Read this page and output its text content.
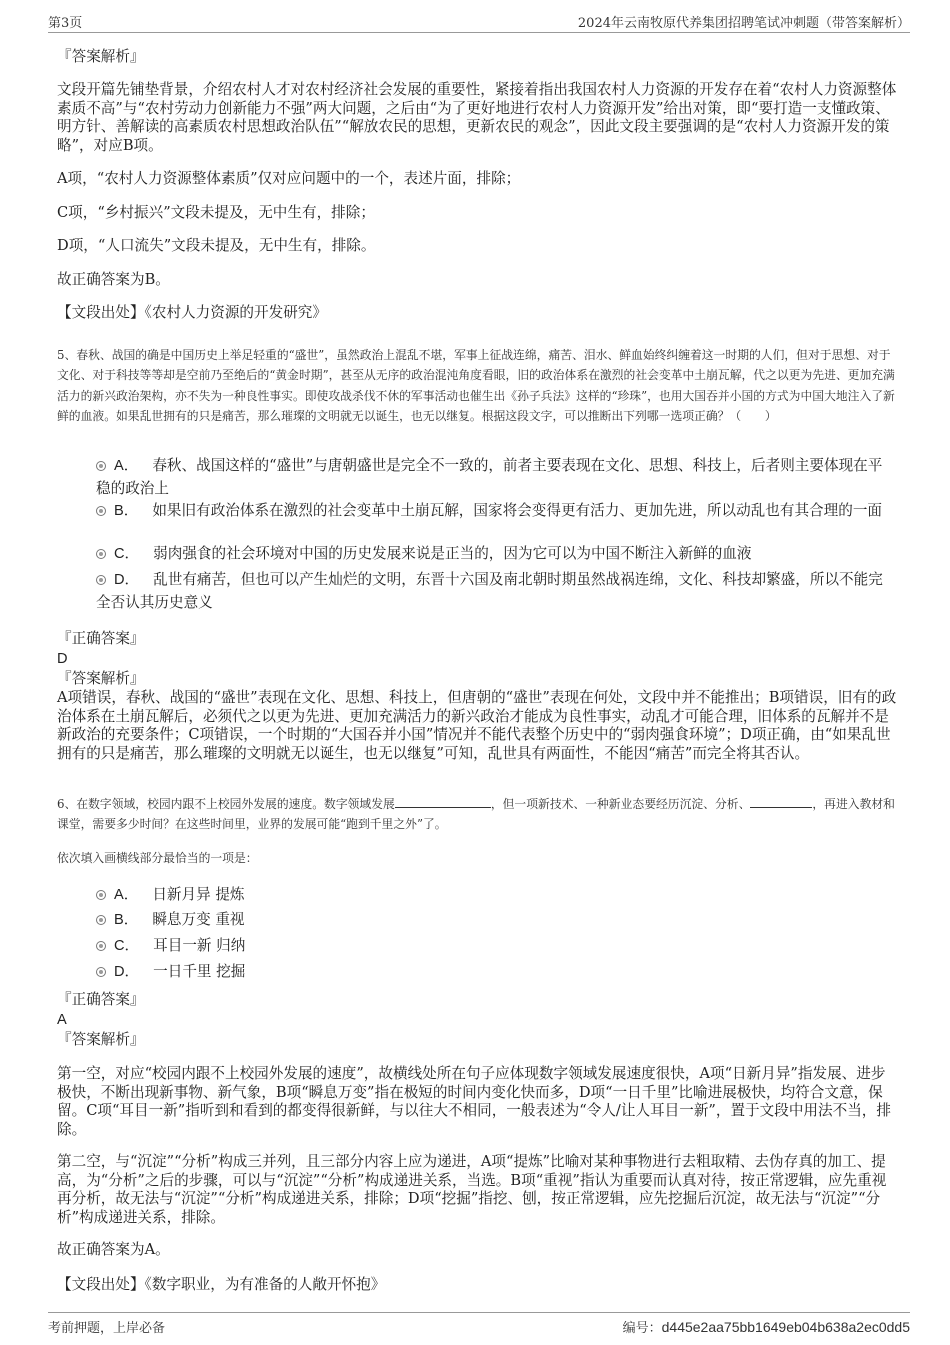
第3页	2024年云南牧原代养集团招聘笔试冲刺题（带答案解析）
『答案解析』
文段开篇先铺垫背景，介绍农村人才对农村经济社会发展的重要性，紧接着指出我国农村人力资源的开发存在着“农村人力资源整体素质不高”与“农村劳动力创新能力不强”两大问题，之后由“为了更好地进行农村人力资源开发”给出对策，即“要打造一支懂政策、明方针、善解读的高素质农村思想政治队伍”“解放农民的思想，更新农民的观念”，因此文段主要强调的是“农村人力资源开发的策略”，对应B项。
A项，“农村人力资源整体素质”仅对应问题中的一个，表述片面，排除；
C项，“乡村振兴”文段未提及，无中生有，排除；
D项，“人口流失”文段未提及，无中生有，排除。
故正确答案为B。
【文段出处】《农村人力资源的开发研究》
5、春秋、战国的确是中国历史上举足轻重的“盛世”，虽然政治上混乱不堪，军事上征战连绵，痛苦、泪水、鲜血始终纠缠着这一时期的人们，但对于思想、对于文化、对于科技等等却是空前乃至绝后的“黄金时期”，甚至从无序的政治混沌角度看眼，旧的政治体系在激烈的社会变革中土崩瓦解，代之以更为先进、更加充满活力的新兴政治架构，亦不失为一种良性事实。即使攻战杀伐不休的军事活动也催生出《孙子兵法》这样的“珍珠”，也用大国吞并小国的方式为中国大地注入了新鲜的血液。如果乱世拥有的只是痛苦，那么璀璨的文明就无以诞生，也无以继复。根据这段文字，可以推断出下列哪一选项正确？（　　）
A． 春秋、战国这样的“盛世”与唐朝盛世是完全不一致的，前者主要表现在文化、思想、科技上，后者则主要体现在平稳的政治上
B． 如果旧有政治体系在激烈的社会变革中土崩瓦解，国家将会变得更有活力、更加先进，所以动乱也有其合理的一面
C． 弱肉强食的社会环境对中国的历史发展来说是正当的，因为它可以为中国不断注入新鲜的血液
D． 乱世有痛苦，但也可以产生灿烂的文明，东晋十六国及南北朝时期虽然战祸连绵，文化、科技却繁盛，所以不能完全否认其历史意义
『正确答案』
D
『答案解析』
A项错误，春秋、战国的“盛世”表现在文化、思想、科技上，但唐朝的“盛世”表现在何处，文段中并不能推出；B项错误，旧有的政治体系在土崩瓦解后，必须代之以更为先进、更加充满活力的新兴政治才能成为良性事实，动乱才可能合理，旧体系的瓦解并不是新政治的充要条件；C项错误，一个时期的“大国吞并小国”情况并不能代表整个历史中的“弱肉强食环境”；D项正确，由“如果乱世拥有的只是痛苦，那么璀璨的文明就无以诞生，也无以继复”可知，乱世具有两面性，不能因“痛苦”而完全将其否认。
6、在数字领域，校园内跟不上校园外发展的速度。数字领域发展	，但一项新技术、一种新业态要经历沉淀、分析、	，再进入教材和课堂，需要多少时间？在这些时间里，业界的发展可能“跑到千里之外”了。
依次填入画横线部分最恰当的一项是：
A． 日新月异 提炼
B． 瞬息万变 重视
C． 耳目一新 归纳
D． 一日千里 挖掘
『正确答案』
A
『答案解析』
第一空，对应“校园内跟不上校园外发展的速度”，故横线处所在句子应体现数字领域发展速度很快，A项“日新月异”指发展、进步极快，不断出现新事物、新气象，B项“瞬息万变”指在极短的时间内变化快而多，D项“一日千里”比喻进展极快，均符合文意，保留。C项“耳目一新”指听到和看到的都变得很新鲜，与以往大不相同，一般表述为“令人/让人耳目一新”，置于文段中用法不当，排除。
第二空，与“沉淀”“分析”构成三并列，且三部分内容上应为递进，A项“提炼”比喻对某种事物进行去粗取精、去伪存真的加工、提高，为“分析”之后的步骤，可以与“沉淀”“分析”构成递进关系，当选。B项“重视”指认为重要而认真对待，按正常逻辑，应先重视再分析，故无法与“沉淀”“分析”构成递进关系，排除；D项“挖掘”指挖、刨，按正常逻辑，应先挖掘后沉淀，故无法与“沉淀”“分析”构成递进关系，排除。
故正确答案为A。
【文段出处】《数字职业，为有准备的人敞开怀抱》
考前押题，上岸必备	编号：d445e2aa75bb1649eb04b638a2ec0dd5
